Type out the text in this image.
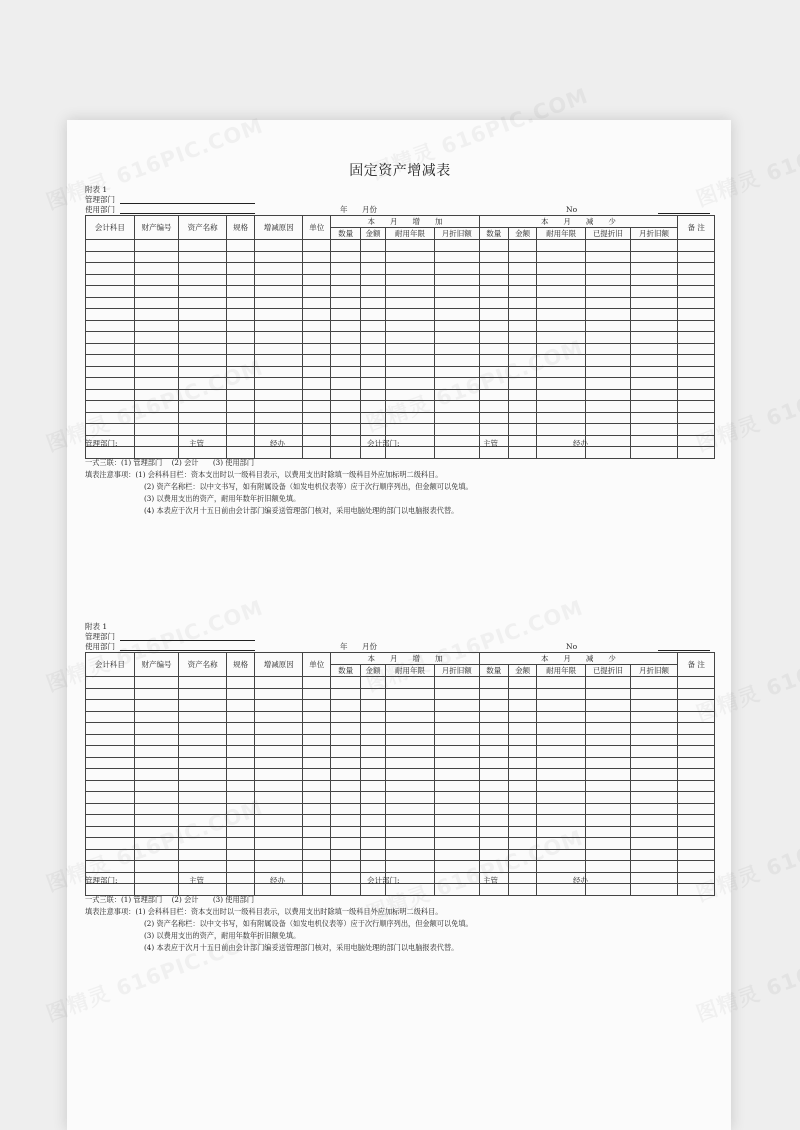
固定资产增减表
附表 1
管理部门
使用部门	年 月份	No
会计科目	财产编号	资产名称	规格	增减原因	单位	本　　月　　增　　加				本　　月　　减　　少					备 注
						数量	金额	耐用年限	月折旧额	数量	金额	耐用年限	已提折旧	月折旧额	

管理部门:	主管	经办	会计部门:	主管	经办
一式三联：(1) 管理部门　 (2) 会计　　(3) 使用部门
填表注意事项：(1) 会科科目栏：资本支出时以一级科目表示，以费用支出时除填一级科目外应加标明二级科目。
(2) 资产名称栏：以中文书写，如有附属设备（如发电机仪表等）应于次行顺序列出，但金额可以免填。
(3) 以费用支出的资产，耐用年数年折旧额免填。
(4) 本表应于次月十五日前由会计部门编妥送管理部门核对，采用电脑处理的部门以电脑报表代替。
附表 1
管理部门
使用部门	年 月份	No
会计科目	财产编号	资产名称	规格	增减原因	单位	本　　月　　增　　加				本　　月　　减　　少					备 注
						数量	金额	耐用年限	月折旧额	数量	金额	耐用年限	已提折旧	月折旧额	

管理部门:	主管	经办	会计部门:	主管	经办
一式三联：(1) 管理部门　 (2) 会计　　(3) 使用部门
填表注意事项：(1) 会科科目栏：资本支出时以一级科目表示，以费用支出时除填一级科目外应加标明二级科目。
(2) 资产名称栏：以中文书写，如有附属设备（如发电机仪表等）应于次行顺序列出，但金额可以免填。
(3) 以费用支出的资产，耐用年数年折旧额免填。
(4) 本表应于次月十五日前由会计部门编妥送管理部门核对，采用电脑处理的部门以电脑报表代替。
